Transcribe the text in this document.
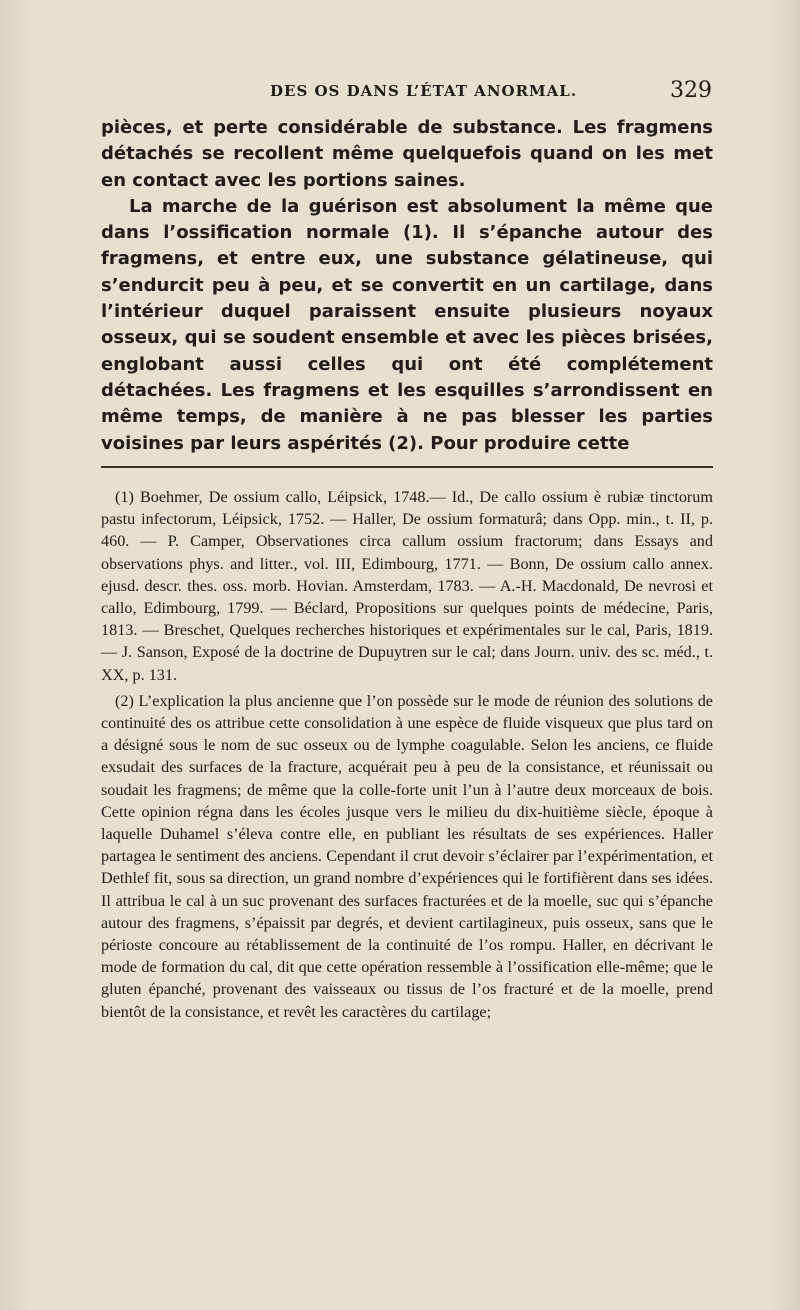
DES OS DANS L’ÉTAT ANORMAL.	329

pièces, et perte considérable de substance. Les fragmens détachés se recollent même quelquefois quand on les met en contact avec les portions saines.

La marche de la guérison est absolument la même que dans l’ossification normale (1). Il s’épanche autour des fragmens, et entre eux, une substance gélatineuse, qui s’endurcit peu à peu, et se convertit en un cartilage, dans l’intérieur duquel paraissent ensuite plusieurs noyaux osseux, qui se soudent ensemble et avec les pièces brisées, englobant aussi celles qui ont été complétement détachées. Les fragmens et les esquilles s’arrondissent en même temps, de manière à ne pas blesser les parties voisines par leurs aspérités (2). Pour produire cette

(1) Boehmer, De ossium callo, Léipsick, 1748.— Id., De callo ossium è rubiæ tinctorum pastu infectorum, Léipsick, 1752. — Haller, De ossium formaturâ; dans Opp. min., t. II, p. 460. — P. Camper, Observationes circa callum ossium fractorum; dans Essays and observations phys. and litter., vol. III, Edimbourg, 1771. — Bonn, De ossium callo annex. ejusd. descr. thes. oss. morb. Hovian. Amsterdam, 1783. — A.-H. Macdonald, De nevrosi et callo, Edimbourg, 1799. — Béclard, Propositions sur quelques points de médecine, Paris, 1813. — Breschet, Quelques recherches historiques et expérimentales sur le cal, Paris, 1819. — J. Sanson, Exposé de la doctrine de Dupuytren sur le cal; dans Journ. univ. des sc. méd., t. XX, p. 131.

(2) L’explication la plus ancienne que l’on possède sur le mode de réunion des solutions de continuité des os attribue cette consolidation à une espèce de fluide visqueux que plus tard on a désigné sous le nom de suc osseux ou de lymphe coagulable. Selon les anciens, ce fluide exsudait des surfaces de la fracture, acquérait peu à peu de la consistance, et réunissait ou soudait les fragmens; de même que la colle-forte unit l’un à l’autre deux morceaux de bois. Cette opinion régna dans les écoles jusque vers le milieu du dix-huitième siècle, époque à laquelle Duhamel s’éleva contre elle, en publiant les résultats de ses expériences. Haller partagea le sentiment des anciens. Cependant il crut devoir s’éclairer par l’expérimentation, et Dethlef fit, sous sa direction, un grand nombre d’expériences qui le fortifièrent dans ses idées. Il attribua le cal à un suc provenant des surfaces fracturées et de la moelle, suc qui s’épanche autour des fragmens, s’épaissit par degrés, et devient cartilagineux, puis osseux, sans que le périoste concoure au rétablissement de la continuité de l’os rompu. Haller, en décrivant le mode de formation du cal, dit que cette opération ressemble à l’ossification elle-même; que le gluten épanché, provenant des vaisseaux ou tissus de l’os fracturé et de la moelle, prend bientôt de la consistance, et revêt les caractères du cartilage;
